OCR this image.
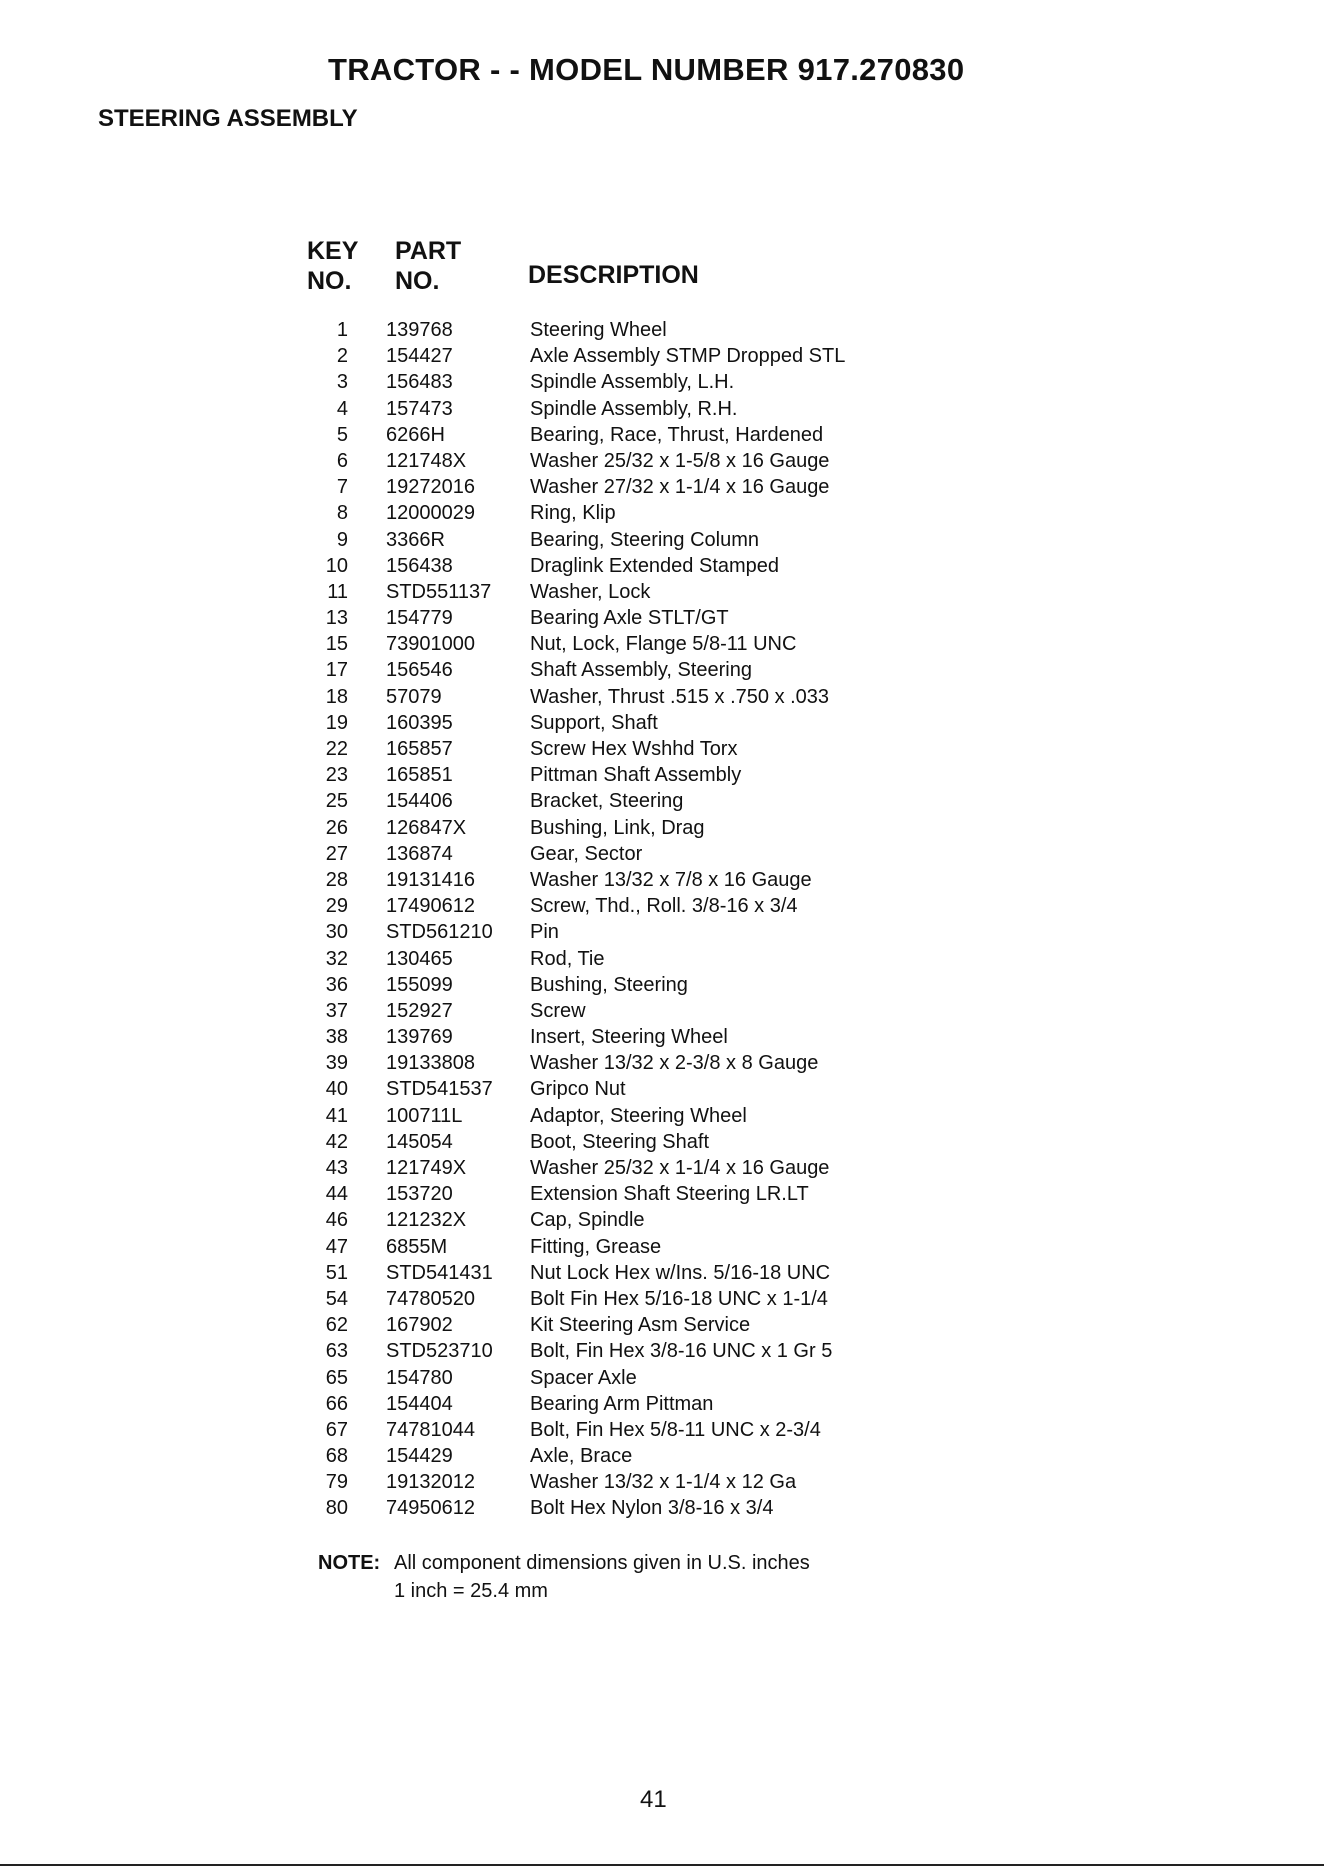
TRACTOR - - MODEL NUMBER 917.270830
STEERING ASSEMBLY
KEY
NO.
PART
NO.	DESCRIPTION
1 139768	Steering Wheel
2 154427	Axle Assembly STMP Dropped STL
3 156483	Spindle Assembly, L.H.
4 157473	Spindle Assembly, R.H.
5 6266H	Bearing, Race, Thrust, Hardened
6 121748X	Washer 25/32 x 1-5/8 x 16 Gauge
7 19272016	Washer 27/32 x 1-1/4 x 16 Gauge
8 12000029	Ring, Klip
9 3366R	Bearing, Steering Column
10 156438	Draglink Extended Stamped
11 STD551137 Washer, Lock
13 154779	Bearing Axle STLT/GT
15 73901000	Nut, Lock, Flange 5/8-11 UNC
17 156546	Shaft Assembly, Steering
18 57079	Washer, Thrust .515 x .750 x .033
19 160395	Support, Shaft
22 165857	Screw Hex Wshhd Torx
23 165851	Pittman Shaft Assembly
25 154406	Bracket, Steering
26 126847X	Bushing, Link, Drag
27 136874	Gear, Sector
28 19131416	Washer 13/32 x 7/8 x 16 Gauge
29 17490612	Screw, Thd., Roll. 3/8-16 x 3/4
30 STD561210 Pin
32 130465	Rod, Tie
36 155099	Bushing, Steering
37 152927	Screw
38 139769	Insert, Steering Wheel
39 19133808	Washer 13/32 x 2-3/8 x 8 Gauge
40 STD541537 Gripco Nut
41 100711L	Adaptor, Steering Wheel
42 145054	Boot, Steering Shaft
43 121749X	Washer 25/32 x 1-1/4 x 16 Gauge
44 153720	Extension Shaft Steering LR.LT
46 121232X	Cap, Spindle
47 6855M	Fitting, Grease
51 STD541431 Nut Lock Hex w/Ins. 5/16-18 UNC
54 74780520	Bolt Fin Hex 5/16-18 UNC x 1-1/4
62 167902	Kit Steering Asm Service
63 STD523710 Bolt, Fin Hex 3/8-16 UNC x 1 Gr 5
65 154780	Spacer Axle
66 154404	Bearing Arm Pittman
67 74781044	Bolt, Fin Hex 5/8-11 UNC x 2-3/4
68 154429	Axle, Brace
79 19132012	Washer 13/32 x 1-1/4 x 12 Ga
80 74950612	Bolt Hex Nylon 3/8-16 x 3/4
NOTE: All component dimensions given in U.S. inches
1 inch = 25.4 mm
41
